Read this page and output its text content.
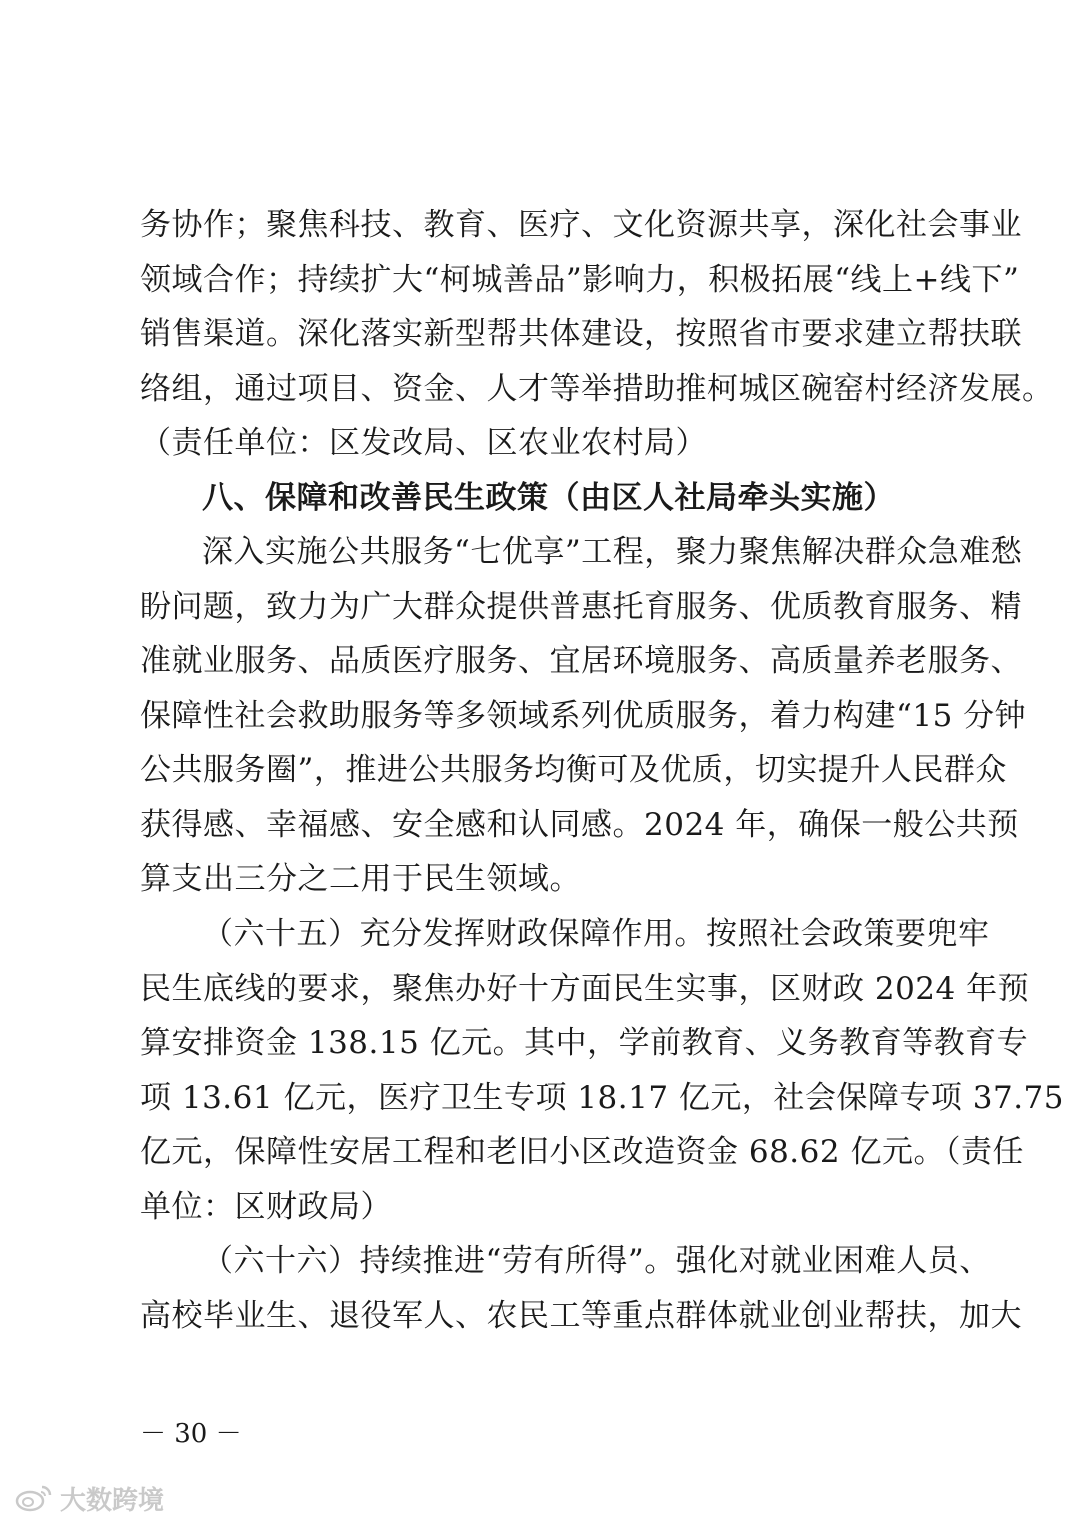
务协作；聚焦科技、教育、医疗、文化资源共享，深化社会事业
领域合作；持续扩大“柯城善品”影响力，积极拓展“线上+线下”
销售渠道。深化落实新型帮共体建设，按照省市要求建立帮扶联
络组，通过项目、资金、人才等举措助推柯城区碗窑村经济发展。
（责任单位：区发改局、区农业农村局）
八、保障和改善民生政策（由区人社局牵头实施）
深入实施公共服务“七优享”工程，聚力聚焦解决群众急难愁
盼问题，致力为广大群众提供普惠托育服务、优质教育服务、精
准就业服务、品质医疗服务、宜居环境服务、高质量养老服务、
保障性社会救助服务等多领域系列优质服务，着力构建“15 分钟
公共服务圈”，推进公共服务均衡可及优质，切实提升人民群众
获得感、幸福感、安全感和认同感。2024 年，确保一般公共预
算支出三分之二用于民生领域。
（六十五）充分发挥财政保障作用。按照社会政策要兜牢
民生底线的要求，聚焦办好十方面民生实事，区财政 2024 年预
算安排资金 138.15 亿元。其中，学前教育、义务教育等教育专
项 13.61 亿元，医疗卫生专项 18.17 亿元，社会保障专项 37.75
亿元，保障性安居工程和老旧小区改造资金 68.62 亿元。（责任
单位：区财政局）
（六十六）持续推进“劳有所得”。强化对就业困难人员、
高校毕业生、退役军人、农民工等重点群体就业创业帮扶，加大
－ 30 －
大数跨境
